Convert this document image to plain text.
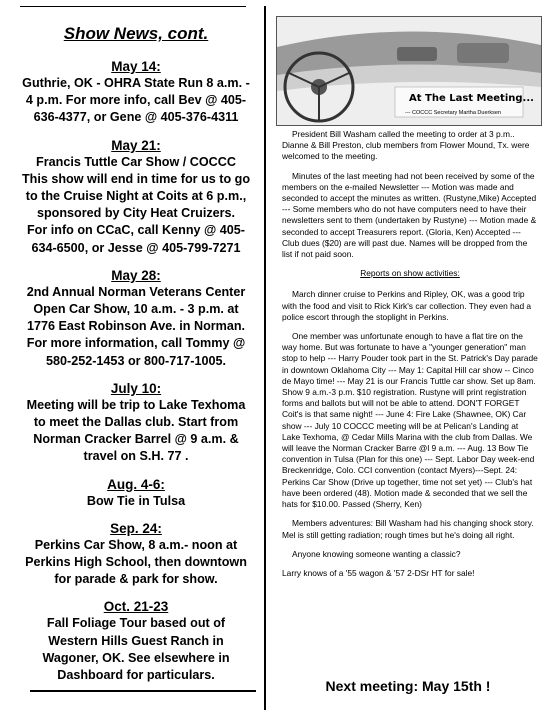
Show News, cont.
May 14:
Guthrie, OK - OHRA State Run 8 a.m. -
4 p.m. For more info, call Bev @ 405-
636-4377, or Gene @ 405-376-4311
May 21:
Francis Tuttle Car Show / COCCC
This show will end in time for us to go
to the Cruise Night at Coits at 6 p.m.,
sponsored by City Heat Cruizers.
For info on CCaC, call Kenny @ 405-
634-6500, or Jesse @ 405-799-7271
May 28:
2nd Annual Norman Veterans Center
Open Car Show, 10 a.m. - 3 p.m. at
1776 East Robinson Ave. in Norman.
For more information, call Tommy @
580-252-1453 or 800-717-1005.
July 10:
Meeting will be trip to Lake Texhoma
to meet the Dallas club. Start from
Norman Cracker Barrel @ 9 a.m. &
travel on S.H. 77 .
Aug. 4-6:
Bow Tie in Tulsa
Sep. 24:
Perkins Car Show, 8 a.m.- noon at
Perkins High School, then downtown
for parade & park for show.
Oct. 21-23
Fall Foliage Tour based out of
Western Hills Guest Ranch in
Wagoner, OK. See elsewhere in
Dashboard for particulars.
At The Last Meeting...
--- COCCC Secretary Martha Duerksen

President Bill Washam called the meeting to order at 3 p.m.. Dianne & Bill Preston, club members from Flower Mound, Tx. were welcomed to the meeting.

Minutes of the last meeting had not been received by some of the members on the e-mailed Newsletter --- Motion was made and seconded to accept the minutes as written. (Rustyne,Mike) Accepted --- Some members who do not have computers need to have their newsletters sent to them (undertaken by Rustyne) --- Motion made & seconded to accept Treasurers report. (Gloria, Ken) Accepted ---Club dues ($20) are will past due. Names will be dropped from the list if not paid soon.

Reports on show activities:

March dinner cruise to Perkins and Ripley, OK, was a good trip with the food and visit to Rick Kirk's car collection. They even had a police escort through the stoplight in Perkins.

One member was unfortunate enough to have a flat tire on the way home. But was fortunate to have a "younger generation" man stop to help --- Harry Pouder took part in the St. Patrick's Day parade in downtown Oklahoma City --- May 1: Capital Hill car show -- Cinco de Mayo time! --- May 21 is our Francis Tuttle car show. Set up 8am. Show 9 a.m.-3 p.m. $10 registration. Rustyne will print registration forms and ballots but will not be able to attend. DON'T FORGET Coit's is that same night! --- June 4: Fire Lake (Shawnee, OK) Car show --- July 10 COCCC meeting will be at Pelican's Landing at Lake Texhoma, @ Cedar Mills Marina with the club from Dallas. We will leave the Norman Cracker Barre @l 9 a.m. --- Aug. 13 Bow Tie convention in Tulsa (Plan for this one) --- Sept. Labor Day week-end Breckenridge, Colo. CCI convention (contact Myers)---Sept. 24: Perkins Car Show (Drive up together, time not set yet) --- Club's hat have been ordered (48). Motion made & seconded that we sell the hats for $10.00. Passed (Sherry, Ken)

Members adventures: Bill Washam had his changing shock story. Mel is still getting radiation; rough times but he's doing all right.

Anyone knowing someone wanting a classic?

Larry knows of a '55 wagon & '57 2-DSr HT for sale!

Next meeting: May 15th !
